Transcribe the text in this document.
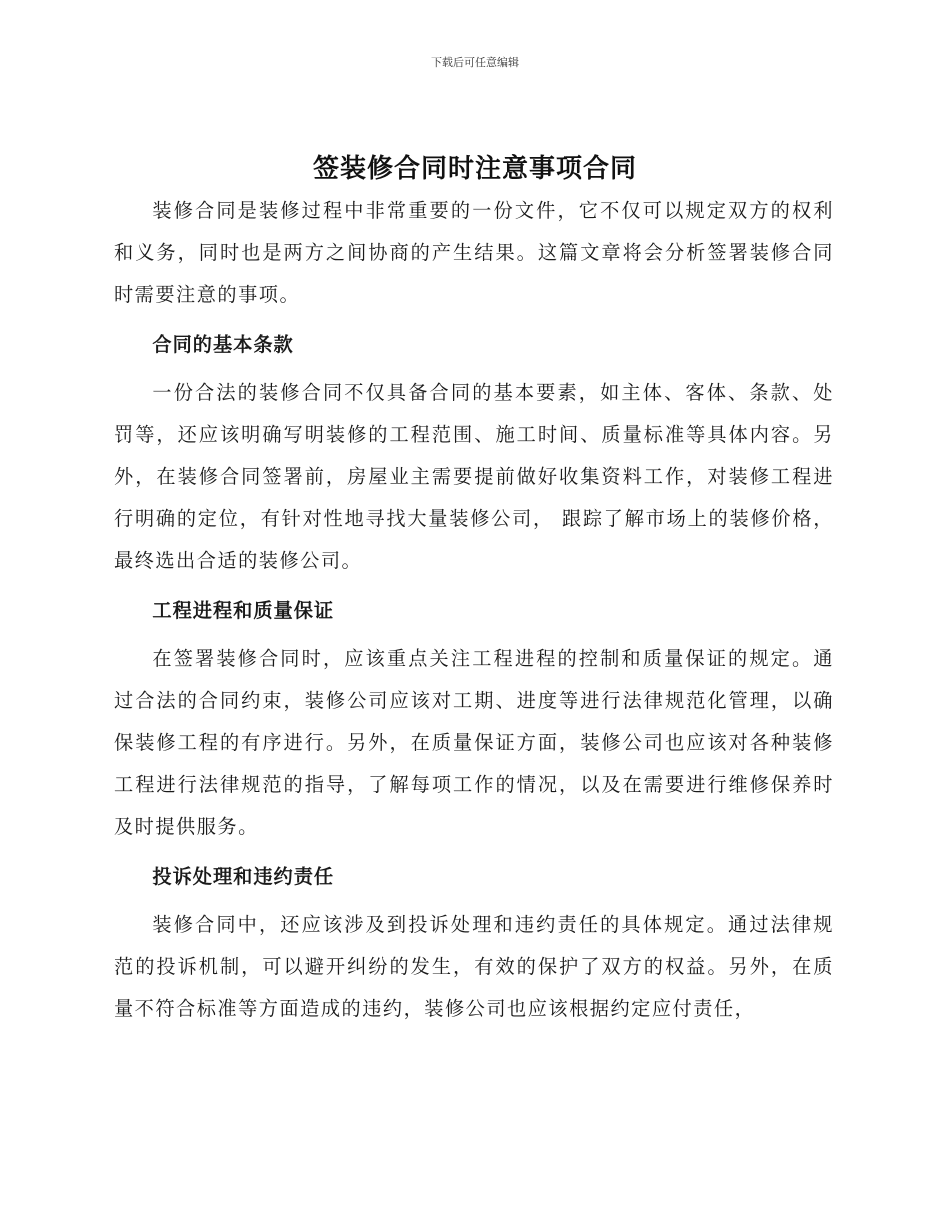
下载后可任意编辑
签装修合同时注意事项合同

装修合同是装修过程中非常重要的一份文件，它不仅可以规定双方的权利和义务，同时也是两方之间协商的产生结果。这篇文章将会分析签署装修合同时需要注意的事项。

合同的基本条款

一份合法的装修合同不仅具备合同的基本要素，如主体、客体、条款、处罚等，还应该明确写明装修的工程范围、施工时间、质量标准等具体内容。另外，在装修合同签署前，房屋业主需要提前做好收集资料工作，对装修工程进行明确的定位，有针对性地寻找大量装修公司， 跟踪了解市场上的装修价格，最终选出合适的装修公司。

工程进程和质量保证

在签署装修合同时，应该重点关注工程进程的控制和质量保证的规定。通过合法的合同约束，装修公司应该对工期、进度等进行法律规范化管理，以确保装修工程的有序进行。另外，在质量保证方面，装修公司也应该对各种装修工程进行法律规范的指导，了解每项工作的情况，以及在需要进行维修保养时及时提供服务。

投诉处理和违约责任

装修合同中，还应该涉及到投诉处理和违约责任的具体规定。通过法律规范的投诉机制，可以避开纠纷的发生，有效的保护了双方的权益。另外，在质量不符合标准等方面造成的违约，装修公司也应该根据约定应付责任，
